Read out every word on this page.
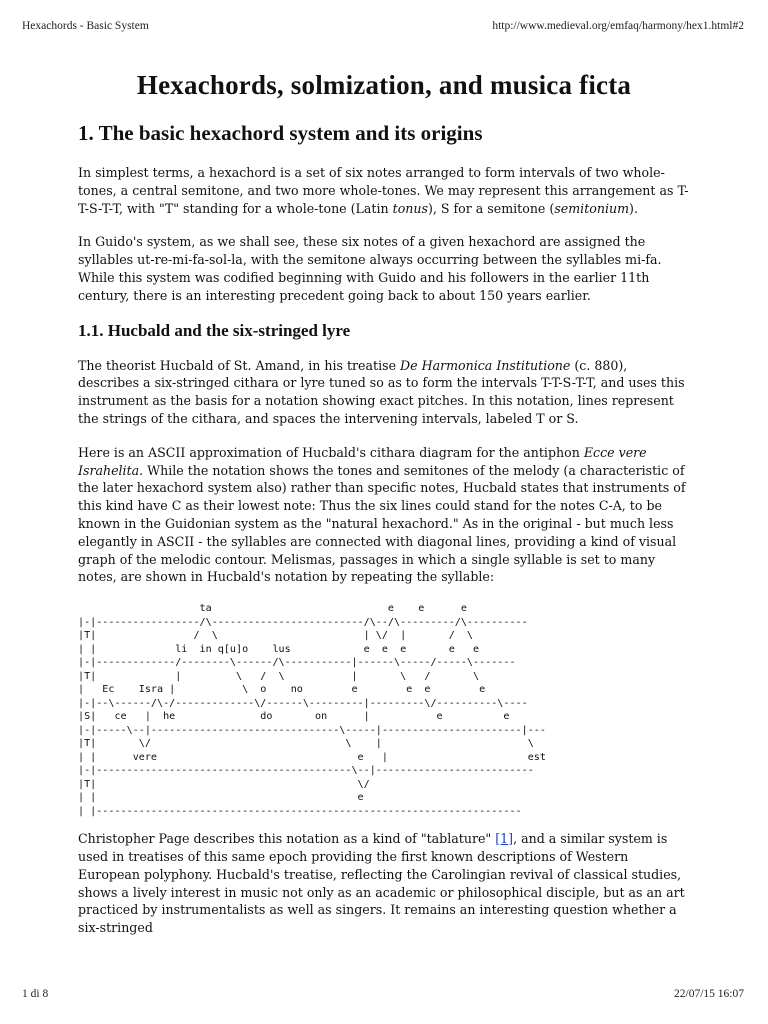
Hexachords - Basic System	http://www.medieval.org/emfaq/harmony/hex1.html#2
Hexachords, solmization, and musica ficta
1. The basic hexachord system and its origins

In simplest terms, a hexachord is a set of six notes arranged to form intervals of two whole-tones, a central semitone, and two more whole-tones. We may represent this arrangement as T-T-S-T-T, with "T" standing for a whole-tone (Latin tonus), S for a semitone (semitonium).

In Guido's system, as we shall see, these six notes of a given hexachord are assigned the syllables ut-re-mi-fa-sol-la, with the semitone always occurring between the syllables mi-fa. While this system was codified beginning with Guido and his followers in the earlier 11th century, there is an interesting precedent going back to about 150 years earlier.

1.1. Hucbald and the six-stringed lyre

The theorist Hucbald of St. Amand, in his treatise De Harmonica Institutione (c. 880), describes a six-stringed cithara or lyre tuned so as to form the intervals T-T-S-T-T, and uses this instrument as the basis for a notation showing exact pitches. In this notation, lines represent the strings of the cithara, and spaces the intervening intervals, labeled T or S.

Here is an ASCII approximation of Hucbald's cithara diagram for the antiphon Ecce vere Israhelita. While the notation shows the tones and semitones of the melody (a characteristic of the later hexachord system also) rather than specific notes, Hucbald states that instruments of this kind have C as their lowest note: Thus the six lines could stand for the notes C-A, to be known in the Guidonian system as the "natural hexachord." As in the original - but much less elegantly in ASCII - the syllables are connected with diagonal lines, providing a kind of visual graph of the melodic contour. Melismas, passages in which a single syllable is set to many notes, are shown in Hucbald's notation by repeating the syllable:

ta                             e    e      e
|-|-----------------/\-------------------------/\--/\---------/\----------
|T|                /  \                        | \/  |       /  \
| |             li  in q[u]o    lus            e  e  e       e   e
|-|-------------/--------\------/\-----------|------\-----/-----\-------
|T|             |         \   /  \           |       \   /       \
|   Ec    Isra |           \  o    no        e        e  e        e
|-|--\------/\-/-------------\/------\---------|---------\/----------\----
|S|   ce   |  he              do       on      |           e          e
|-|-----\--|-------------------------------\-----|-----------------------|---
|T|       \/                                \    |                        \
| |      vere                                 e   |                       est
|-|------------------------------------------\--|--------------------------
|T|                                           \/
| |                                           e
| |----------------------------------------------------------------------

Christopher Page describes this notation as a kind of "tablature" [1], and a similar system is used in treatises of this same epoch providing the first known descriptions of Western European polyphony. Hucbald's treatise, reflecting the Carolingian revival of classical studies, shows a lively interest in music not only as an academic or philosophical disciple, but as an art practiced by instrumentalists as well as singers. It remains an interesting question whether a six-stringed

1 di 8	22/07/15 16:07
